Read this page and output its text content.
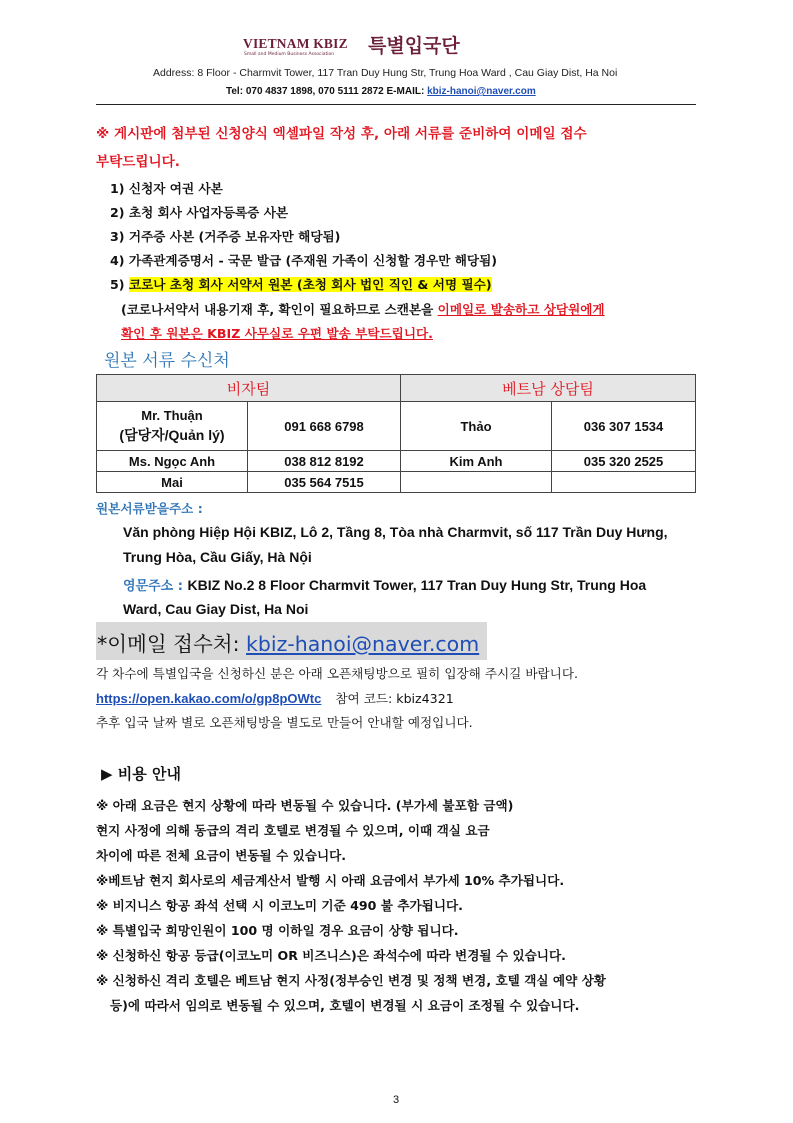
VIETNAM KBIZ 특별입국단
Small and Medium Business Association
Address: 8 Floor - Charmvit Tower, 117 Tran Duy Hung Str, Trung Hoa Ward , Cau Giay Dist, Ha Noi
Tel: 070 4837 1898, 070 5111 2872 E-MAIL: kbiz-hanoi@naver.com
※ 게시판에 첨부된 신청양식 엑셀파일 작성 후, 아래 서류를 준비하여 이메일 접수
부탁드립니다.
1) 신청자 여권 사본
2) 초청 회사 사업자등록증 사본
3) 거주증 사본 (거주증 보유자만 해당됨)
4) 가족관계증명서 - 국문 발급 (주재원 가족이 신청할 경우만 해당됨)
5) 코로나 초청 회사 서약서 원본 (초청 회사 법인 직인 & 서명 필수)
(코로나서약서 내용기재 후, 확인이 필요하므로 스캔본을 이메일로 발송하고 상담원에게
확인 후 원본은 KBIZ 사무실로 우편 발송 부탁드립니다.
원본 서류 수신처
비자팀		베트남 상담팀	
Mr. Thuận
(담당자/Quản lý)	091 668 6798	Thảo	036 307 1534
Ms. Ngọc Anh	038 812 8192	Kim Anh	035 320 2525
Mai	035 564 7515		
원본서류받을주소 :
Văn phòng Hiệp Hội KBIZ, Lô 2, Tầng 8, Tòa nhà Charmvit, số 117 Trần Duy Hưng,
Trung Hòa, Cầu Giấy, Hà Nội
영문주소 : KBIZ No.2 8 Floor Charmvit Tower, 117 Tran Duy Hung Str, Trung Hoa
Ward, Cau Giay Dist, Ha Noi
*이메일 접수처: kbiz-hanoi@naver.com
각 차수에 특별입국을 신청하신 분은 아래 오픈채팅방으로 필히 입장해 주시길 바랍니다.
https://open.kakao.com/o/gp8pOWtc 참여 코드: kbiz4321
추후 입국 날짜 별로 오픈채팅방을 별도로 만들어 안내할 예정입니다.
▶ 비용 안내
※ 아래 요금은 현지 상황에 따라 변동될 수 있습니다. (부가세 불포함 금액)
현지 사정에 의해 동급의 격리 호텔로 변경될 수 있으며, 이때 객실 요금
차이에 따른 전체 요금이 변동될 수 있습니다.
※베트남 현지 회사로의 세금계산서 발행 시 아래 요금에서 부가세 10% 추가됩니다.
※ 비지니스 항공 좌석 선택 시 이코노미 기준 490 불 추가됩니다.
※ 특별입국 희망인원이 100 명 이하일 경우 요금이 상향 됩니다.
※ 신청하신 항공 등급(이코노미 OR 비즈니스)은 좌석수에 따라 변경될 수 있습니다.
※ 신청하신 격리 호텔은 베트남 현지 사정(정부승인 변경 및 정책 변경, 호텔 객실 예약 상황
등)에 따라서 임의로 변동될 수 있으며, 호텔이 변경될 시 요금이 조정될 수 있습니다.
3
